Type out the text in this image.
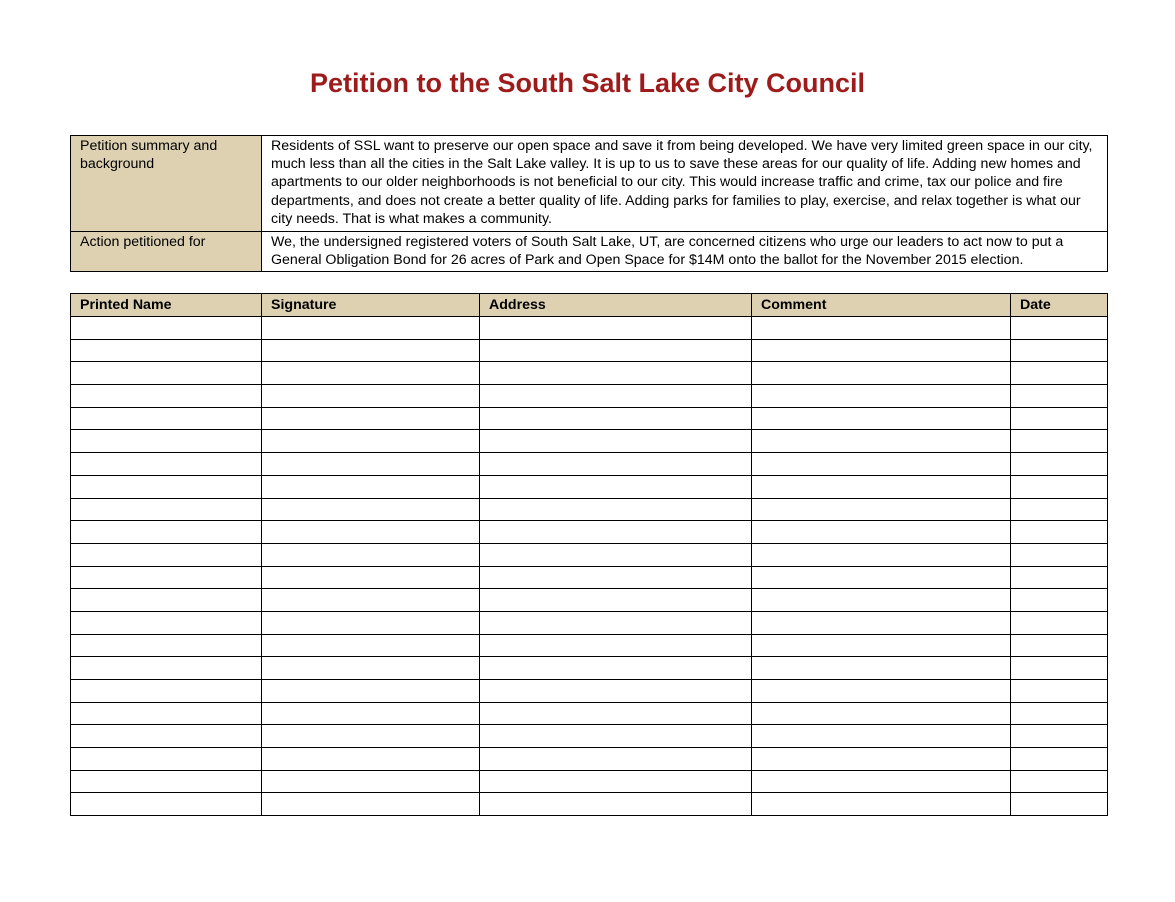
Petition to the South Salt Lake City Council
Petition summary and background	Residents of SSL want to preserve our open space and save it from being developed. We have very limited green space in our city, much less than all the cities in the Salt Lake valley. It is up to us to save these areas for our quality of life. Adding new homes and apartments to our older neighborhoods is not beneficial to our city. This would increase traffic and crime, tax our police and fire departments, and does not create a better quality of life. Adding parks for families to play, exercise, and relax together is what our city needs. That is what makes a community.
Action petitioned for	We, the undersigned registered voters of South Salt Lake, UT, are concerned citizens who urge our leaders to act now to put a General Obligation Bond for 26 acres of Park and Open Space for $14M onto the ballot for the November 2015 election.
Printed Name	Signature	Address	Comment	Date
